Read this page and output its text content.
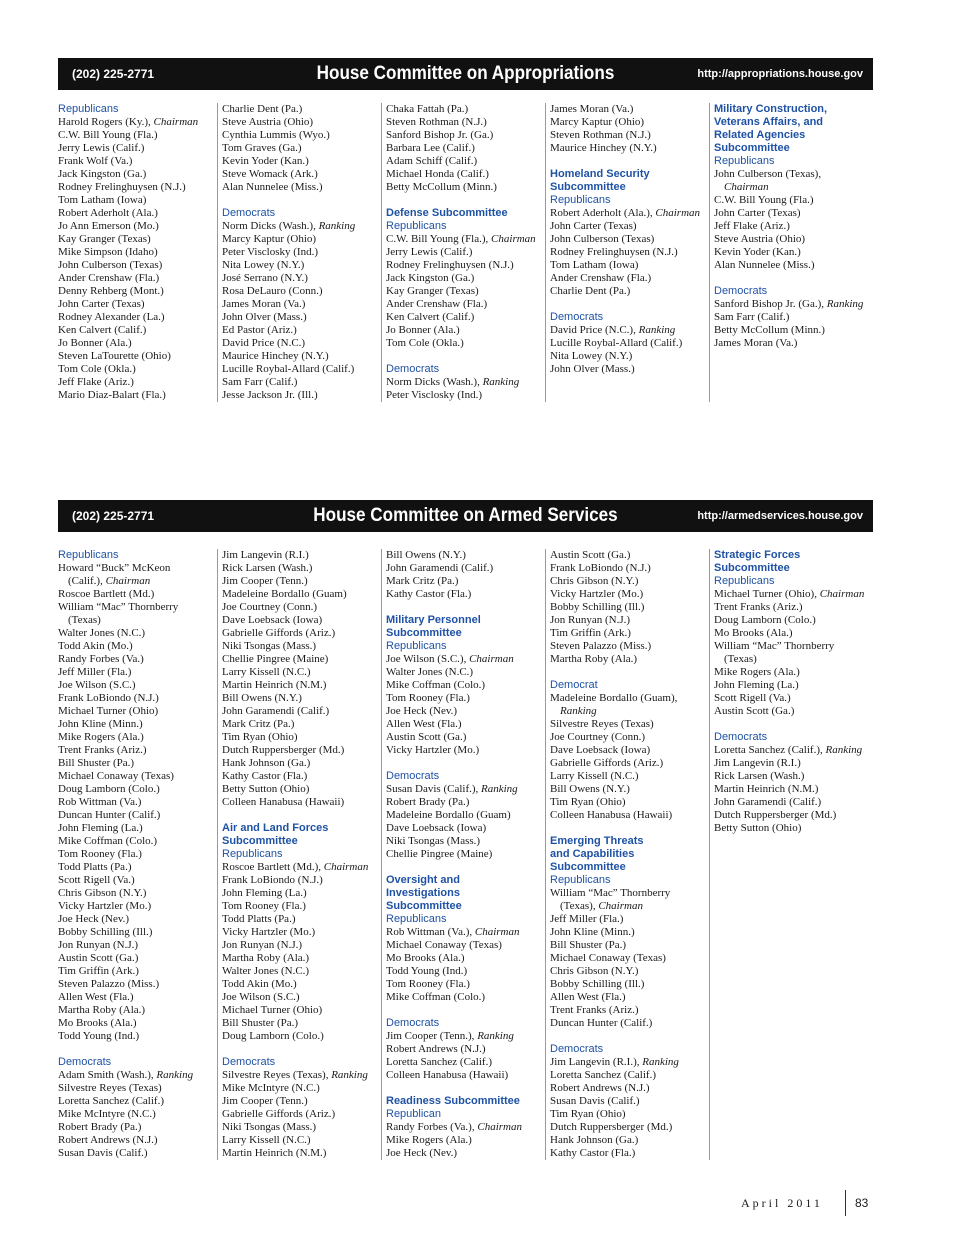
(202) 225-2771	House Committee on Appropriations	http://appropriations.house.gov
Republicans
Harold Rogers (Ky.), Chairman
C.W. Bill Young (Fla.)
Jerry Lewis (Calif.)
Frank Wolf (Va.)
Jack Kingston (Ga.)
Rodney Frelinghuysen (N.J.)
Tom Latham (Iowa)
Robert Aderholt (Ala.)
Jo Ann Emerson (Mo.)
Kay Granger (Texas)
Mike Simpson (Idaho)
John Culberson (Texas)
Ander Crenshaw (Fla.)
Denny Rehberg (Mont.)
John Carter (Texas)
Rodney Alexander (La.)
Ken Calvert (Calif.)
Jo Bonner (Ala.)
Steven LaTourette (Ohio)
Tom Cole (Okla.)
Jeff Flake (Ariz.)
Mario Diaz-Balart (Fla.)
Charlie Dent (Pa.)
Steve Austria (Ohio)
Cynthia Lummis (Wyo.)
Tom Graves (Ga.)
Kevin Yoder (Kan.)
Steve Womack (Ark.)
Alan Nunnelee (Miss.)
Democrats
Norm Dicks (Wash.), Ranking
Marcy Kaptur (Ohio)
Peter Visclosky (Ind.)
Nita Lowey (N.Y.)
José Serrano (N.Y.)
Rosa DeLauro (Conn.)
James Moran (Va.)
John Olver (Mass.)
Ed Pastor (Ariz.)
David Price (N.C.)
Maurice Hinchey (N.Y.)
Lucille Roybal-Allard (Calif.)
Sam Farr (Calif.)
Jesse Jackson Jr. (Ill.)
Chaka Fattah (Pa.)
Steven Rothman (N.J.)
Sanford Bishop Jr. (Ga.)
Barbara Lee (Calif.)
Adam Schiff (Calif.)
Michael Honda (Calif.)
Betty McCollum (Minn.)
Defense Subcommittee
Republicans
C.W. Bill Young (Fla.), Chairman
Jerry Lewis (Calif.)
Rodney Frelinghuysen (N.J.)
Jack Kingston (Ga.)
Kay Granger (Texas)
Ander Crenshaw (Fla.)
Ken Calvert (Calif.)
Jo Bonner (Ala.)
Tom Cole (Okla.)
Democrats
Norm Dicks (Wash.), Ranking
Peter Visclosky (Ind.)
James Moran (Va.)
Marcy Kaptur (Ohio)
Steven Rothman (N.J.)
Maurice Hinchey (N.Y.)
Homeland Security
Subcommittee
Republicans
Robert Aderholt (Ala.), Chairman
John Carter (Texas)
John Culberson (Texas)
Rodney Frelinghuysen (N.J.)
Tom Latham (Iowa)
Ander Crenshaw (Fla.)
Charlie Dent (Pa.)
Democrats
David Price (N.C.), Ranking
Lucille Roybal-Allard (Calif.)
Nita Lowey (N.Y.)
John Olver (Mass.)
Military Construction,
Veterans Affairs, and
Related Agencies
Subcommittee
Republicans
John Culberson (Texas),
Chairman
C.W. Bill Young (Fla.)
John Carter (Texas)
Jeff Flake (Ariz.)
Steve Austria (Ohio)
Kevin Yoder (Kan.)
Alan Nunnelee (Miss.)
Democrats
Sanford Bishop Jr. (Ga.), Ranking
Sam Farr (Calif.)
Betty McCollum (Minn.)
James Moran (Va.)
(202) 225-2771	House Committee on Armed Services	http://armedservices.house.gov
Republicans
Howard “Buck” McKeon
(Calif.), Chairman
Roscoe Bartlett (Md.)
William “Mac” Thornberry
(Texas)
Walter Jones (N.C.)
Todd Akin (Mo.)
Randy Forbes (Va.)
Jeff Miller (Fla.)
Joe Wilson (S.C.)
Frank LoBiondo (N.J.)
Michael Turner (Ohio)
John Kline (Minn.)
Mike Rogers (Ala.)
Trent Franks (Ariz.)
Bill Shuster (Pa.)
Michael Conaway (Texas)
Doug Lamborn (Colo.)
Rob Wittman (Va.)
Duncan Hunter (Calif.)
John Fleming (La.)
Mike Coffman (Colo.)
Tom Rooney (Fla.)
Todd Platts (Pa.)
Scott Rigell (Va.)
Chris Gibson (N.Y.)
Vicky Hartzler (Mo.)
Joe Heck (Nev.)
Bobby Schilling (Ill.)
Jon Runyan (N.J.)
Austin Scott (Ga.)
Tim Griffin (Ark.)
Steven Palazzo (Miss.)
Allen West (Fla.)
Martha Roby (Ala.)
Mo Brooks (Ala.)
Todd Young (Ind.)
Democrats
Adam Smith (Wash.), Ranking
Silvestre Reyes (Texas)
Loretta Sanchez (Calif.)
Mike McIntyre (N.C.)
Robert Brady (Pa.)
Robert Andrews (N.J.)
Susan Davis (Calif.)
Jim Langevin (R.I.)
Rick Larsen (Wash.)
Jim Cooper (Tenn.)
Madeleine Bordallo (Guam)
Joe Courtney (Conn.)
Dave Loebsack (Iowa)
Gabrielle Giffords (Ariz.)
Niki Tsongas (Mass.)
Chellie Pingree (Maine)
Larry Kissell (N.C.)
Martin Heinrich (N.M.)
Bill Owens (N.Y.)
John Garamendi (Calif.)
Mark Critz (Pa.)
Tim Ryan (Ohio)
Dutch Ruppersberger (Md.)
Hank Johnson (Ga.)
Kathy Castor (Fla.)
Betty Sutton (Ohio)
Colleen Hanabusa (Hawaii)
Air and Land Forces
Subcommittee
Republicans
Roscoe Bartlett (Md.), Chairman
Frank LoBiondo (N.J.)
John Fleming (La.)
Tom Rooney (Fla.)
Todd Platts (Pa.)
Vicky Hartzler (Mo.)
Jon Runyan (N.J.)
Martha Roby (Ala.)
Walter Jones (N.C.)
Todd Akin (Mo.)
Joe Wilson (S.C.)
Michael Turner (Ohio)
Bill Shuster (Pa.)
Doug Lamborn (Colo.)
Democrats
Silvestre Reyes (Texas), Ranking
Mike McIntyre (N.C.)
Jim Cooper (Tenn.)
Gabrielle Giffords (Ariz.)
Niki Tsongas (Mass.)
Larry Kissell (N.C.)
Martin Heinrich (N.M.)
Bill Owens (N.Y.)
John Garamendi (Calif.)
Mark Critz (Pa.)
Kathy Castor (Fla.)
Military Personnel
Subcommittee
Republicans
Joe Wilson (S.C.), Chairman
Walter Jones (N.C.)
Mike Coffman (Colo.)
Tom Rooney (Fla.)
Joe Heck (Nev.)
Allen West (Fla.)
Austin Scott (Ga.)
Vicky Hartzler (Mo.)
Democrats
Susan Davis (Calif.), Ranking
Robert Brady (Pa.)
Madeleine Bordallo (Guam)
Dave Loebsack (Iowa)
Niki Tsongas (Mass.)
Chellie Pingree (Maine)
Oversight and
Investigations
Subcommittee
Republicans
Rob Wittman (Va.), Chairman
Michael Conaway (Texas)
Mo Brooks (Ala.)
Todd Young (Ind.)
Tom Rooney (Fla.)
Mike Coffman (Colo.)
Democrats
Jim Cooper (Tenn.), Ranking
Robert Andrews (N.J.)
Loretta Sanchez (Calif.)
Colleen Hanabusa (Hawaii)
Readiness Subcommittee
Republican
Randy Forbes (Va.), Chairman
Mike Rogers (Ala.)
Joe Heck (Nev.)
Austin Scott (Ga.)
Frank LoBiondo (N.J.)
Chris Gibson (N.Y.)
Vicky Hartzler (Mo.)
Bobby Schilling (Ill.)
Jon Runyan (N.J.)
Tim Griffin (Ark.)
Steven Palazzo (Miss.)
Martha Roby (Ala.)
Democrat
Madeleine Bordallo (Guam),
Ranking
Silvestre Reyes (Texas)
Joe Courtney (Conn.)
Dave Loebsack (Iowa)
Gabrielle Giffords (Ariz.)
Larry Kissell (N.C.)
Bill Owens (N.Y.)
Tim Ryan (Ohio)
Colleen Hanabusa (Hawaii)
Emerging Threats
and Capabilities
Subcommittee
Republicans
William “Mac” Thornberry
(Texas), Chairman
Jeff Miller (Fla.)
John Kline (Minn.)
Bill Shuster (Pa.)
Michael Conaway (Texas)
Chris Gibson (N.Y.)
Bobby Schilling (Ill.)
Allen West (Fla.)
Trent Franks (Ariz.)
Duncan Hunter (Calif.)
Democrats
Jim Langevin (R.I.), Ranking
Loretta Sanchez (Calif.)
Robert Andrews (N.J.)
Susan Davis (Calif.)
Tim Ryan (Ohio)
Dutch Ruppersberger (Md.)
Hank Johnson (Ga.)
Kathy Castor (Fla.)
Strategic Forces
Subcommittee
Republicans
Michael Turner (Ohio), Chairman
Trent Franks (Ariz.)
Doug Lamborn (Colo.)
Mo Brooks (Ala.)
William “Mac” Thornberry
(Texas)
Mike Rogers (Ala.)
John Fleming (La.)
Scott Rigell (Va.)
Austin Scott (Ga.)
Democrats
Loretta Sanchez (Calif.), Ranking
Jim Langevin (R.I.)
Rick Larsen (Wash.)
Martin Heinrich (N.M.)
John Garamendi (Calif.)
Dutch Ruppersberger (Md.)
Betty Sutton (Ohio)
April 2011	83
